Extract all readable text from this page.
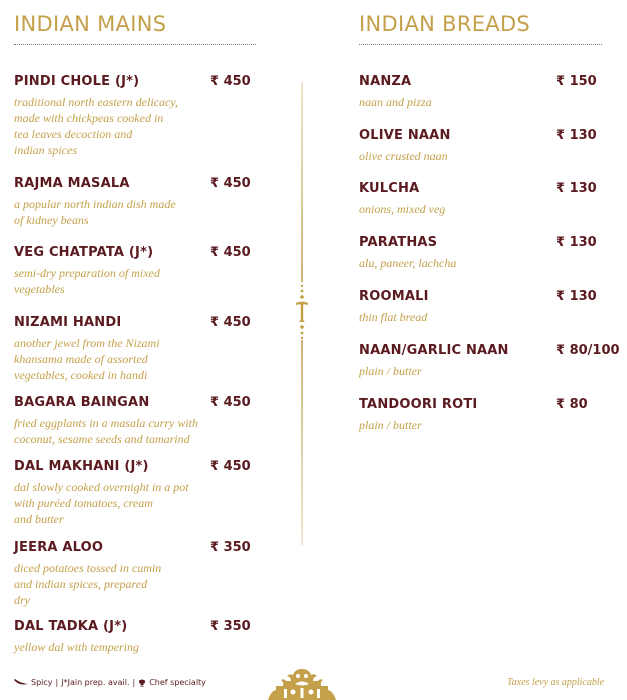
INDIAN MAINS
PINDI CHOLE (J*)	₹ 450
traditional north eastern delicacy,
made with chickpeas cooked in
tea leaves decoction and
indian spices
RAJMA MASALA	₹ 450
a popular north indian dish made
of kidney beans
VEG CHATPATA (J*)	₹ 450
semi-dry preparation of mixed
vegetables
NIZAMI HANDI	₹ 450
another jewel from the Nizami
khansama made of assorted
vegetables, cooked in handi
BAGARA BAINGAN	₹ 450
fried eggplants in a masala curry with
coconut, sesame seeds and tamarind
DAL MAKHANI (J*)	₹ 450
dal slowly cooked overnight in a pot
with puréed tomatoes, cream
and butter
JEERA ALOO	₹ 350
diced potatoes tossed in cumin
and indian spices, prepared
dry
DAL TADKA (J*)	₹ 350
yellow dal with tempering
INDIAN BREADS
NANZA	₹ 150
naan and pizza
OLIVE NAAN	₹ 130
olive crusted naan
KULCHA	₹ 130
onions, mixed veg
PARATHAS	₹ 130
alu, paneer, lachcha
ROOMALI	₹ 130
thin flat bread
NAAN/GARLIC NAAN	₹ 80/100
plain / butter
TANDOORI ROTI	₹ 80
plain / butter
Spicy | J*Jain prep. avail. | Chef specialty	Taxes levy as applicable
